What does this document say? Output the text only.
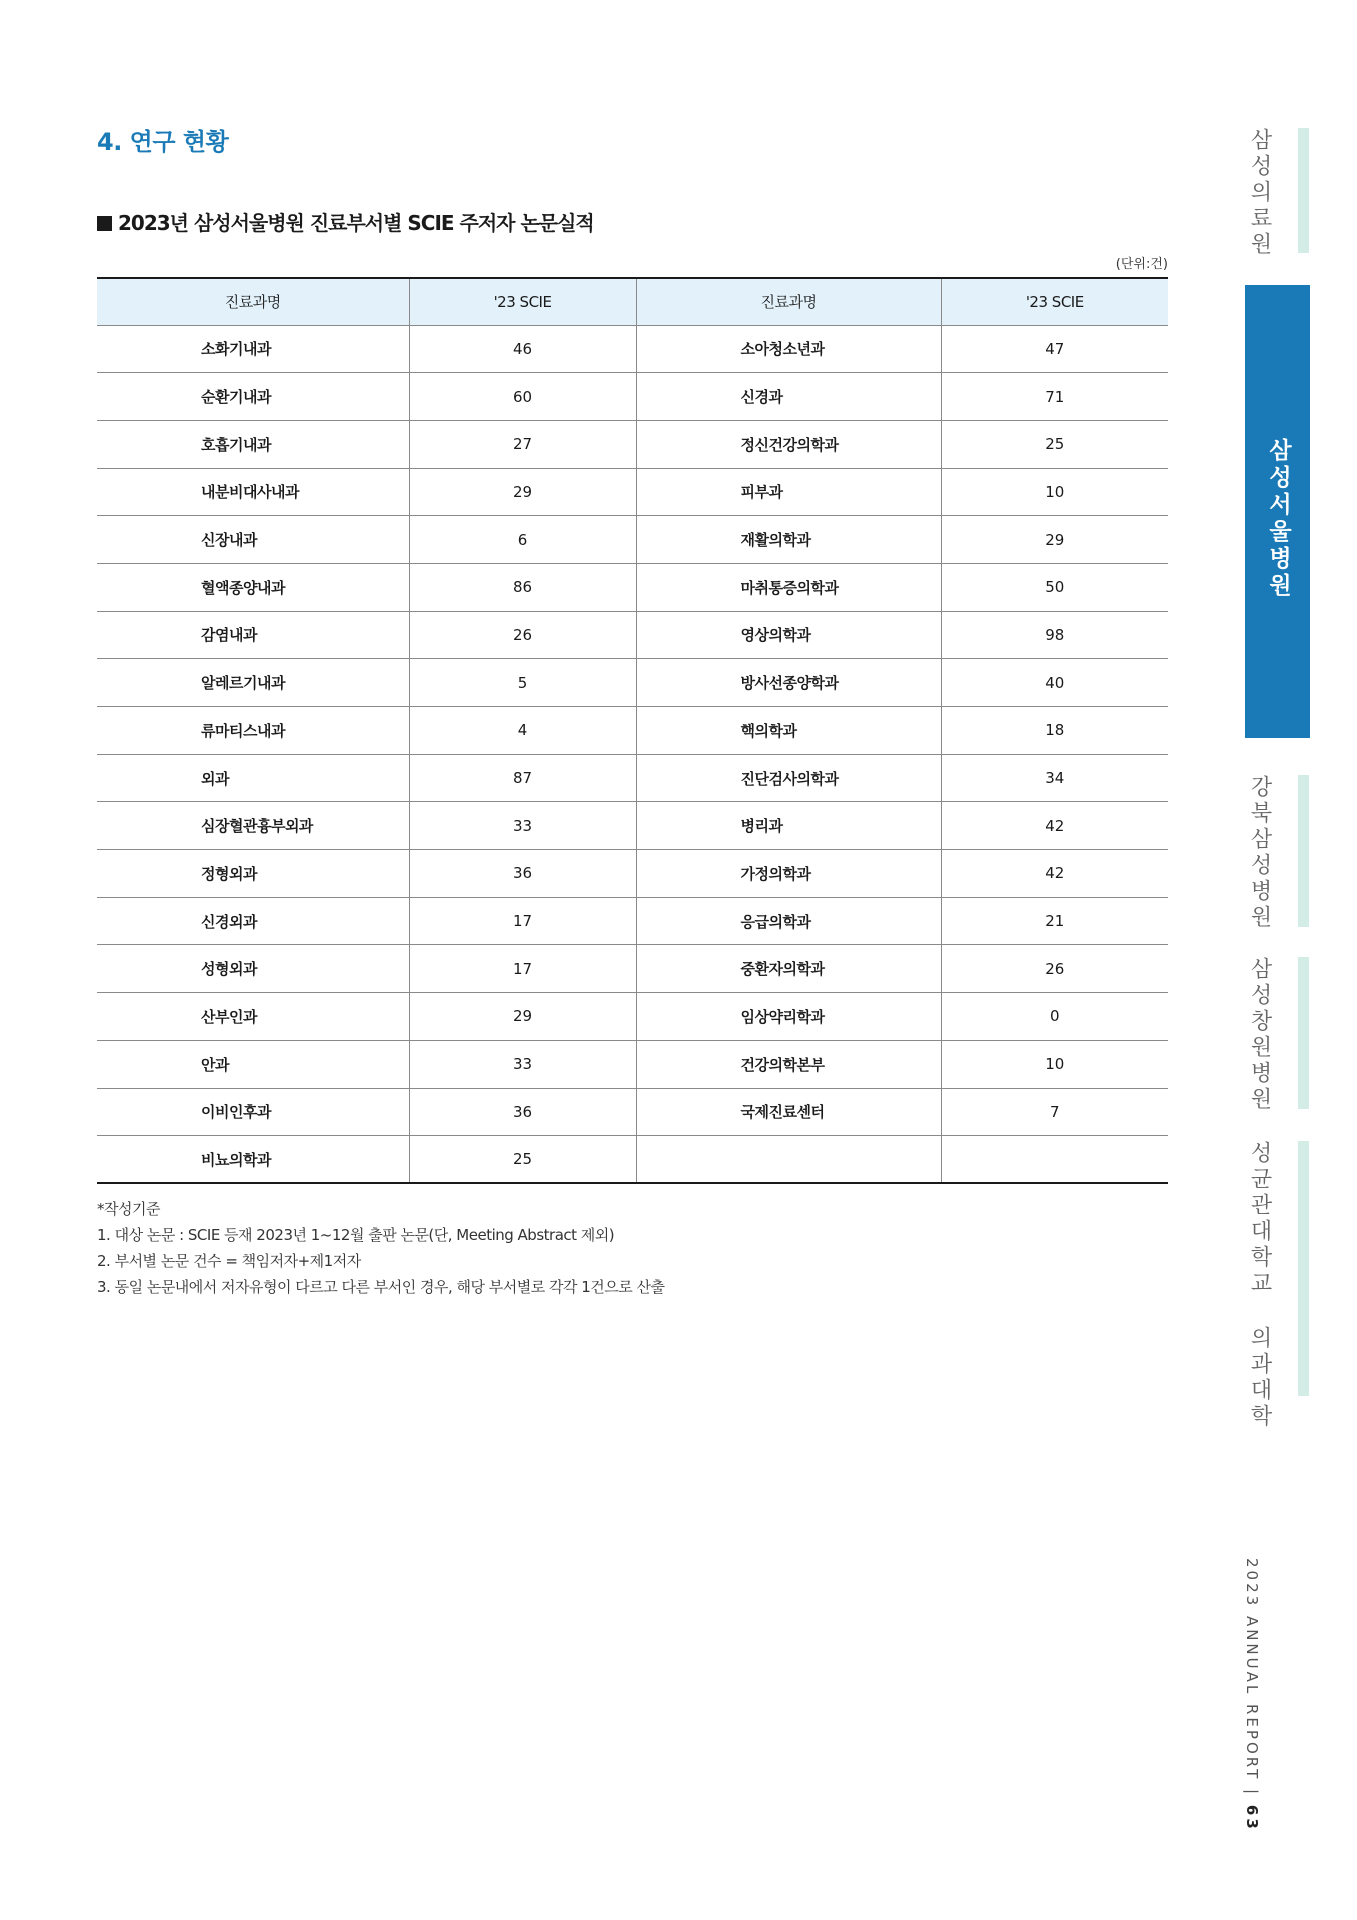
4. 연구 현황
2023년 삼성서울병원 진료부서별 SCIE 주저자 논문실적
(단위:건)
진료과명	'23 SCIE	진료과명	'23 SCIE
소화기내과	46	소아청소년과	47
순환기내과	60	신경과	71
호흡기내과	27	정신건강의학과	25
내분비대사내과	29	피부과	10
신장내과	6	재활의학과	29
혈액종양내과	86	마취통증의학과	50
감염내과	26	영상의학과	98
알레르기내과	5	방사선종양학과	40
류마티스내과	4	핵의학과	18
외과	87	진단검사의학과	34
심장혈관흉부외과	33	병리과	42
정형외과	36	가정의학과	42
신경외과	17	응급의학과	21
성형외과	17	중환자의학과	26
산부인과	29	임상약리학과	0
안과	33	건강의학본부	10
이비인후과	36	국제진료센터	7
비뇨의학과	25		
*작성기준
1. 대상 논문 : SCIE 등재 2023년 1~12월 출판 논문(단, Meeting Abstract 제외)
2. 부서별 논문 건수 = 책임저자+제1저자
3. 동일 논문내에서 저자유형이 다르고 다른 부서인 경우, 해당 부서별로 각각 1건으로 산출
삼성의료원
삼성서울병원
강북삼성병원
삼성창원병원
성균관대학교 의과대학
2023 ANNUAL REPORT | 63
